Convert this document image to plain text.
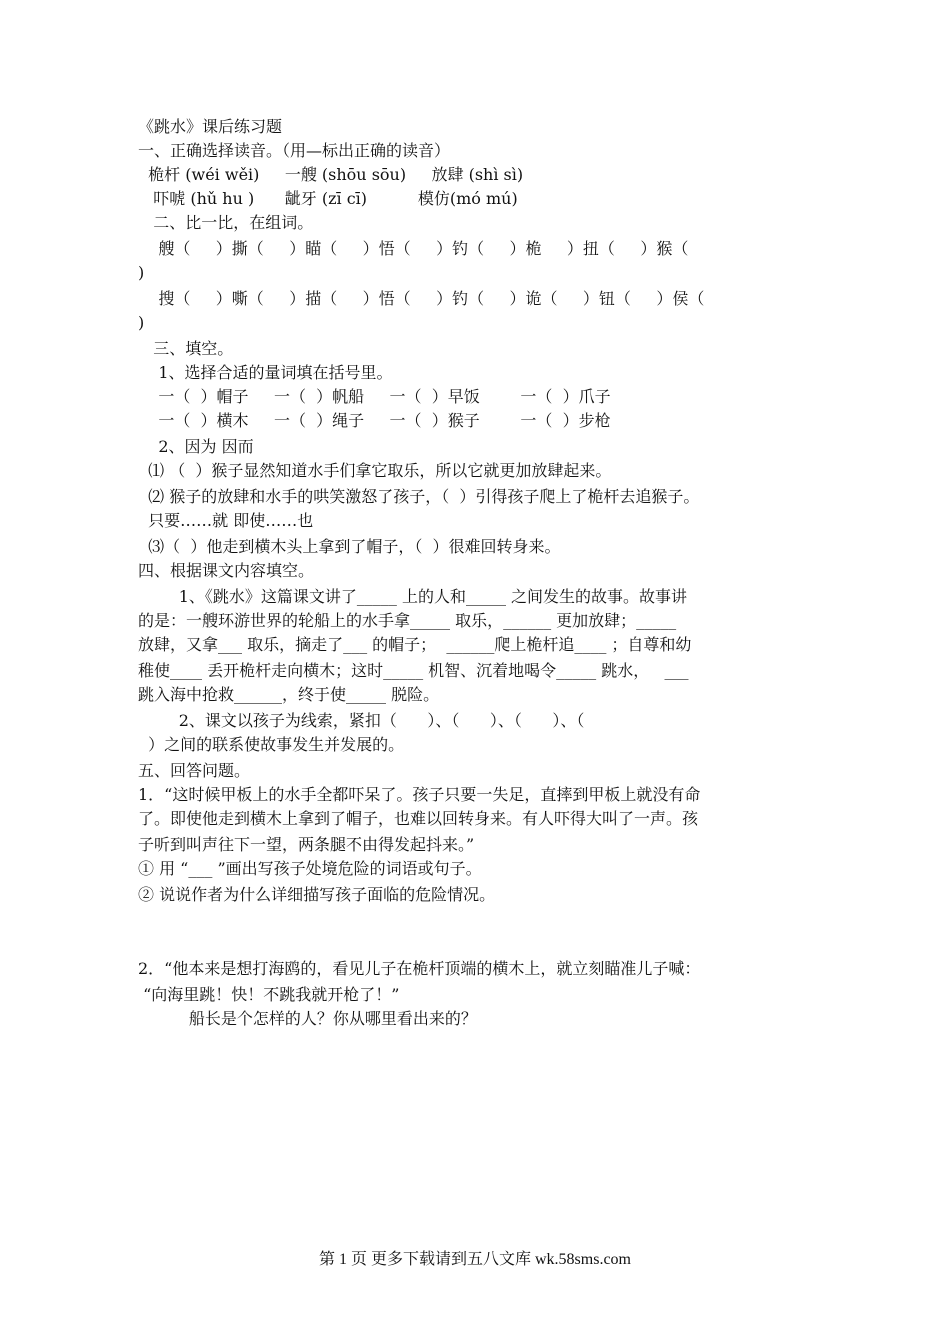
《跳水》课后练习题
一、正确选择读音。（用—标出正确的读音）
桅杆 (wéi wěi)     一艘 (shōu sōu)     放肆 (shì sì)
吓唬 (hǔ hu )      龇牙 (zī cī)          模仿(mó mú)
二、比一比，在组词。
艘（     ）撕（     ）瞄（     ）悟（     ）钓（     ）桅     ）扭（     ）猴（
)
搜（     ）嘶（     ）描（     ）悟（     ）钓（     ）诡（     ）钮（     ）侯（
)
三、填空。
1、选择合适的量词填在括号里。
一（  ）帽子     一（  ）帆船     一（  ）早饭        一（  ）爪子
一（  ）横木     一（  ）绳子     一（  ）猴子        一（  ）步枪
2、因为 因而
⑴ （  ）猴子显然知道水手们拿它取乐，所以它就更加放肆起来。
⑵ 猴子的放肆和水手的哄笑激怒了孩子，（  ）引得孩子爬上了桅杆去追猴子。
只要……就 即使……也
⑶（  ）他走到横木头上拿到了帽子，（  ）很难回转身来。
四、根据课文内容填空。
1、《跳水》这篇课文讲了_____ 上的人和_____ 之间发生的故事。故事讲
的是：一艘环游世界的轮船上的水手拿_____ 取乐，______ 更加放肆；_____
放肆，又拿___ 取乐，摘走了___ 的帽子；  ______爬上桅杆追____ ；自尊和幼
稚使____ 丢开桅杆走向横木；这时_____ 机智、沉着地喝令_____ 跳水，   ___
跳入海中抢救______，终于使_____ 脱险。
2、课文以孩子为线索，紧扣（      ）、（      ）、（      ）、（
）之间的联系使故事发生并发展的。
五、回答问题。
1．“这时候甲板上的水手全都吓呆了。孩子只要一失足，直摔到甲板上就没有命
了。即使他走到横木上拿到了帽子，也难以回转身来。有人吓得大叫了一声。孩
子听到叫声往下一望，两条腿不由得发起抖来。”
① 用 “___ ”画出写孩子处境危险的词语或句子。
② 说说作者为什么详细描写孩子面临的危险情况。
2．“他本来是想打海鸥的，看见儿子在桅杆顶端的横木上，就立刻瞄准儿子喊：
“向海里跳！快！不跳我就开枪了！”
船长是个怎样的人？你从哪里看出来的？
第 1 页 更多下载请到五八文库 wk.58sms.com
